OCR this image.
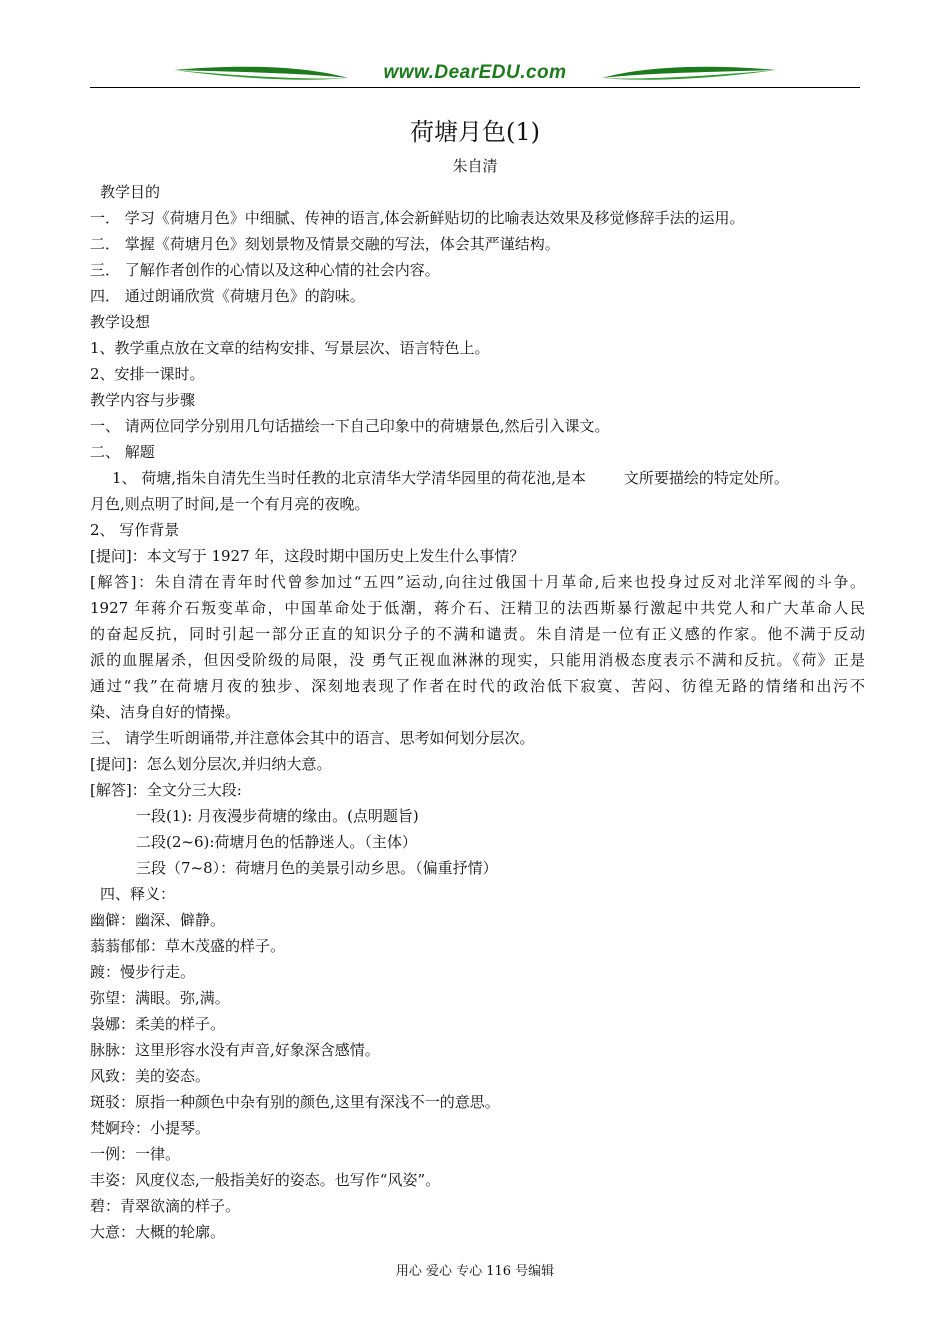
www.DearEDU.com
荷塘月色(1)
朱自清
教学目的
一． 学习《荷塘月色》中细腻、传神的语言,体会新鲜贴切的比喻表达效果及移觉修辞手法的运用。
二． 掌握《荷塘月色》刻划景物及情景交融的写法，体会其严谨结构。
三． 了解作者创作的心情以及这种心情的社会内容。
四． 通过朗诵欣赏《荷塘月色》的韵味。
教学设想
1、教学重点放在文章的结构安排、写景层次、语言特色上。
2、安排一课时。
教学内容与步骤
一、 请两位同学分别用几句话描绘一下自己印象中的荷塘景色,然后引入课文。
二、 解题
1、 荷塘,指朱自清先生当时任教的北京清华大学清华园里的荷花池,是本	文所要描绘的特定处所。
月色,则点明了时间,是一个有月亮的夜晚。
2、 写作背景
[提问]：本文写于 1927 年，这段时期中国历史上发生什么事情？
[解答]：朱自清在青年时代曾参加过“五四”运动,向往过俄国十月革命,后来也投身过反对北洋军阀的斗争。
1927 年蒋介石叛变革命，中国革命处于低潮，蒋介石、汪精卫的法西斯暴行激起中共党人和广大革命人民
的奋起反抗，同时引起一部分正直的知识分子的不满和谴责。朱自清是一位有正义感的作家。他不满于反动
派的血腥屠杀，但因受阶级的局限，没 勇气正视血淋淋的现实，只能用消极态度表示不满和反抗。《荷》正是
通过“我”在荷塘月夜的独步、深刻地表现了作者在时代的政治低下寂寞、苦闷、彷徨无路的情绪和出污不
染、洁身自好的情操。
三、 请学生听朗诵带,并注意体会其中的语言、思考如何划分层次。
[提问]：怎么划分层次,并归纳大意。
[解答]：全文分三大段:
一段(1): 月夜漫步荷塘的缘由。(点明题旨)
二段(2~6):荷塘月色的恬静迷人。（主体）
三段（7~8）：荷塘月色的美景引动乡思。（偏重抒情）
四、释义：
幽僻：幽深、僻静。
蓊蓊郁郁：草木茂盛的样子。
踱：慢步行走。
弥望：满眼。弥,满。
袅娜：柔美的样子。
脉脉：这里形容水没有声音,好象深含感情。
风致：美的姿态。
斑驳：原指一种颜色中杂有别的颜色,这里有深浅不一的意思。
梵婀玲：小提琴。
一例：一律。
丰姿：风度仪态,一般指美好的姿态。也写作“风姿”。
碧：青翠欲滴的样子。
大意：大概的轮廓。
用心 爱心 专心 116 号编辑
